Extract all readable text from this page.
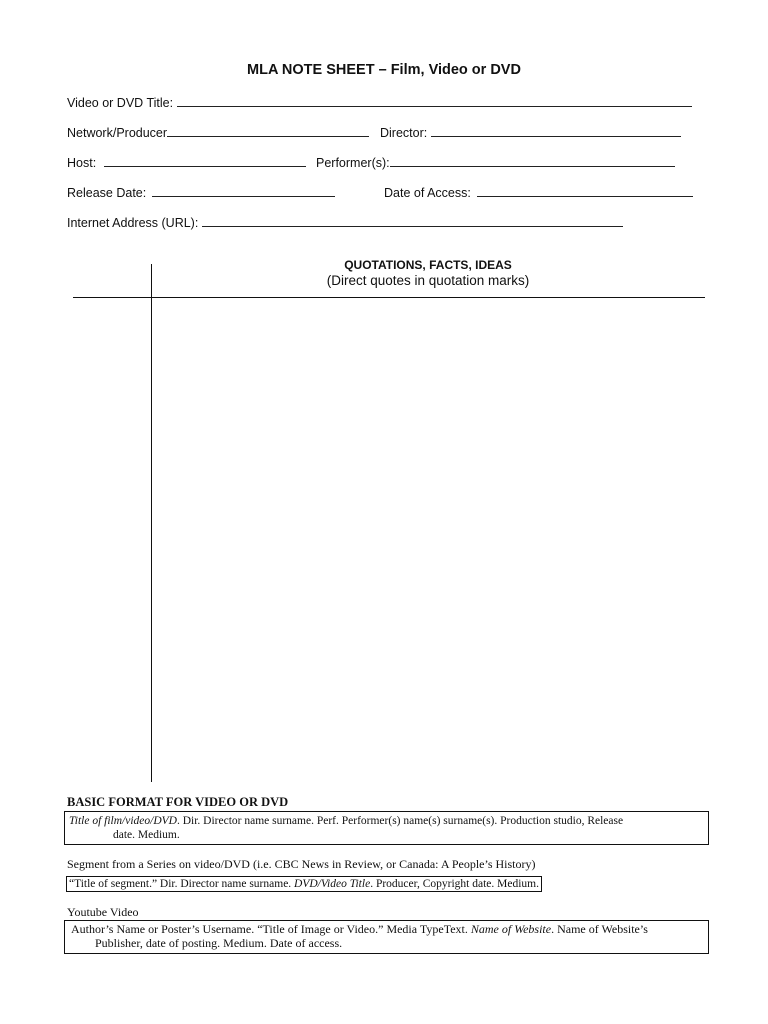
MLA NOTE SHEET – Film, Video or DVD
Video or DVD Title:
Network/Producer	Director:
Host:	Performer(s):
Release Date:	Date of Access:
Internet Address (URL):
QUOTATIONS, FACTS, IDEAS
(Direct quotes in quotation marks)
BASIC FORMAT FOR VIDEO OR DVD
Title of film/video/DVD. Dir. Director name surname. Perf. Performer(s) name(s) surname(s). Production studio, Release
date. Medium.
Segment from a Series on video/DVD (i.e. CBC News in Review, or Canada: A People’s History)
“Title of segment.” Dir. Director name surname. DVD/Video Title. Producer, Copyright date. Medium.
Youtube Video
Author’s Name or Poster’s Username. “Title of Image or Video.” Media TypeText. Name of Website. Name of Website’s
Publisher, date of posting. Medium. Date of access.
